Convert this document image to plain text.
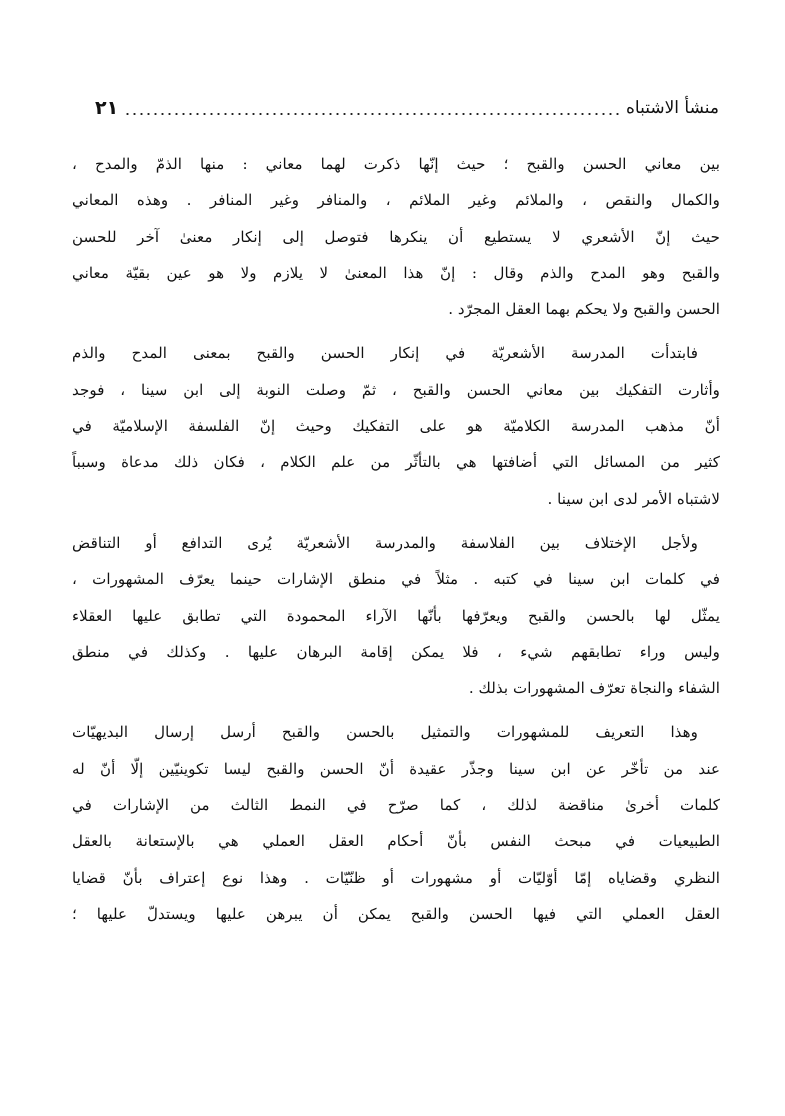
منشأ الاشتباه
٢١
بين معاني الحسن والقبح ؛ حيث إنّها ذكرت لهما معاني : منها الذمّ والمدح ،
والكمال والنقص ، والملائم وغير الملائم ، والمنافر وغير المنافر . وهذه المعاني
حيث إنّ الأشعري لا يستطيع أن ينكرها فتوصل إلى إنكار معنىٰ آخر للحسن
والقبح وهو المدح والذم وقال : إنّ هذا المعنىٰ لا يلازم ولا هو عين بقيّة معاني
الحسن والقبح ولا يحكم بهما العقل المجرّد .
فابتدأت المدرسة الأشعريّة في إنكار الحسن والقبح بمعنى المدح والذم
وأثارت التفكيك بين معاني الحسن والقبح ، ثمّ وصلت النوبة إلى ابن سينا ، فوجد
أنّ مذهب المدرسة الكلاميّة هو على التفكيك وحيث إنّ الفلسفة الإسلاميّة في
كثير من المسائل التي أضافتها هي بالتأثّر من علم الكلام ، فكان ذلك مدعاة وسبباً
لاشتباه الأمر لدى ابن سينا .
ولأجل الإختلاف بين الفلاسفة والمدرسة الأشعريّة يُرى التدافع أو التناقض
في كلمات ابن سينا في كتبه . مثلاً في منطق الإشارات حينما يعرّف المشهورات ،
يمثّل لها بالحسن والقبح ويعرّفها بأنّها الآراء المحمودة التي تطابق عليها العقلاء
وليس وراء تطابقهم شيء ، فلا يمكن إقامة البرهان عليها . وكذلك في منطق
الشفاء والنجاة تعرّف المشهورات بذلك .
وهذا التعريف للمشهورات والتمثيل بالحسن والقبح أرسل إرسال البديهيّات
عند من تأخّر عن ابن سينا وجذّر عقيدة أنّ الحسن والقبح ليسا تكوينيّين إلّا أنّ له
كلمات أخرىٰ مناقضة لذلك ، كما صرّح في النمط الثالث من الإشارات في
الطبيعيات في مبحث النفس بأنّ أحكام العقل العملي هي بالإستعانة بالعقل
النظري وقضاياه إمّا أوّليّات أو مشهورات أو ظنّيّات . وهذا نوع إعتراف بأنّ قضايا
العقل العملي التي فيها الحسن والقبح يمكن أن يبرهن عليها ويستدلّ عليها ؛
